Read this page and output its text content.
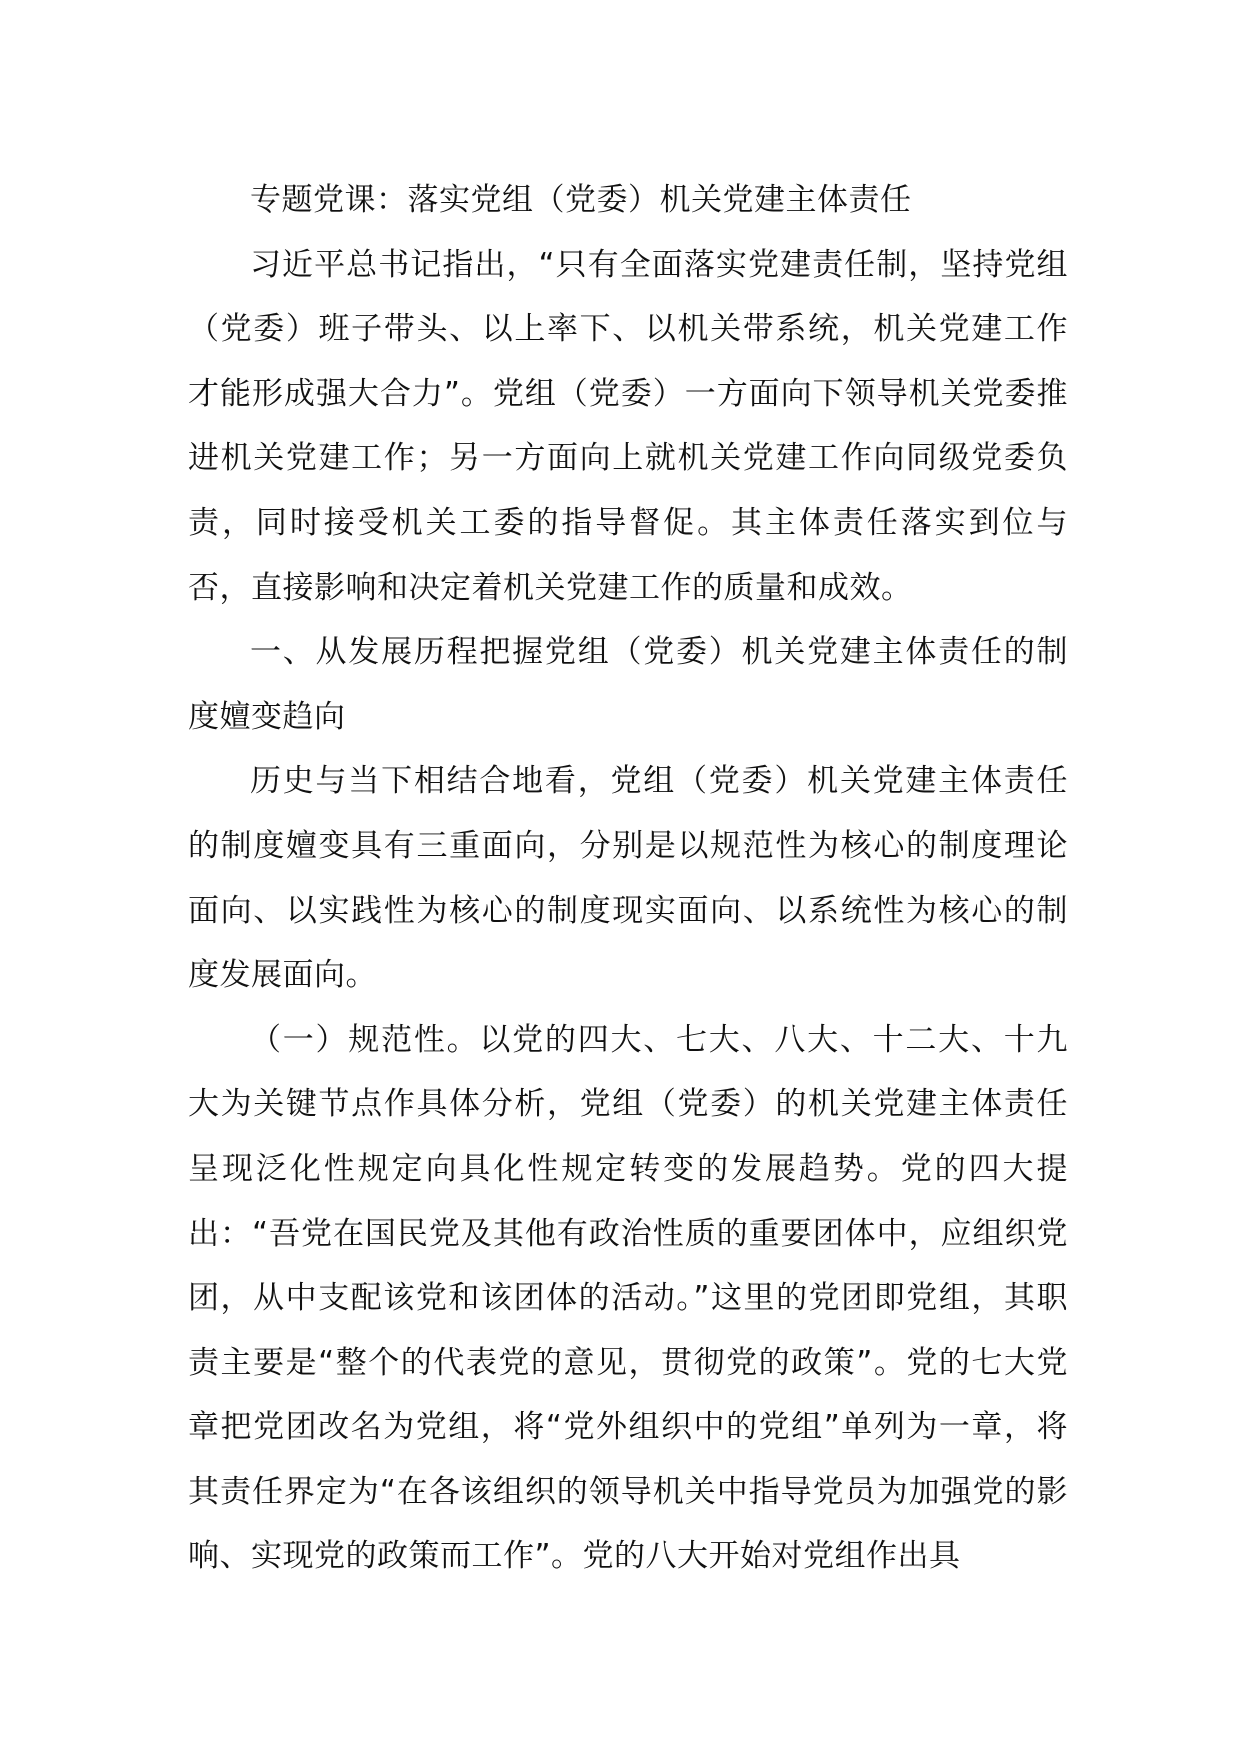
专题党课：落实党组（党委）机关党建主体责任

习近平总书记指出，“只有全面落实党建责任制，坚持党组（党委）班子带头、以上率下、以机关带系统，机关党建工作才能形成强大合力”。党组（党委）一方面向下领导机关党委推进机关党建工作；另一方面向上就机关党建工作向同级党委负责，同时接受机关工委的指导督促。其主体责任落实到位与否，直接影响和决定着机关党建工作的质量和成效。

一、从发展历程把握党组（党委）机关党建主体责任的制度嬗变趋向

历史与当下相结合地看，党组（党委）机关党建主体责任的制度嬗变具有三重面向，分别是以规范性为核心的制度理论面向、以实践性为核心的制度现实面向、以系统性为核心的制度发展面向。

（一）规范性。以党的四大、七大、八大、十二大、十九大为关键节点作具体分析，党组（党委）的机关党建主体责任呈现泛化性规定向具化性规定转变的发展趋势。党的四大提出：“吾党在国民党及其他有政治性质的重要团体中，应组织党团，从中支配该党和该团体的活动。”这里的党团即党组，其职责主要是“整个的代表党的意见，贯彻党的政策”。党的七大党章把党团改名为党组，将“党外组织中的党组”单列为一章，将其责任界定为“在各该组织的领导机关中指导党员为加强党的影响、实现党的政策而工作”。党的八大开始对党组作出具
